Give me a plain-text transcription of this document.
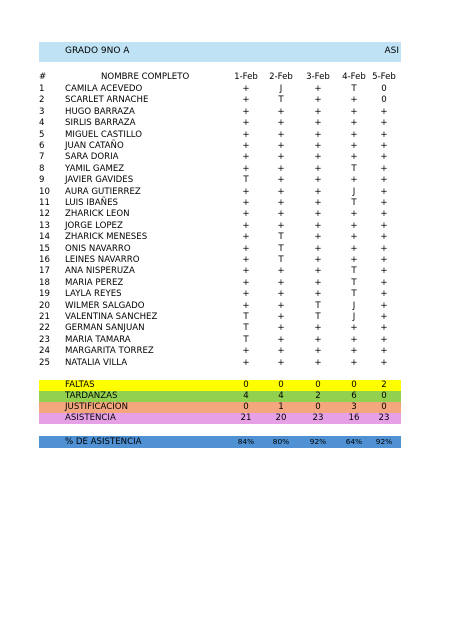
GRADO 9NO A	ASI
#	NOMBRE COMPLETO	1-Feb	2-Feb	3-Feb	4-Feb 5-Feb
1 CAMILA ACEVEDO	+	J	+	T	0
2 SCARLET ARNACHE	+	T	+	+	0
3 HUGO BARRAZA	+	+	+	+	+
4 SIRLIS BARRAZA	+	+	+	+	+
5 MIGUEL CASTILLO	+	+	+	+	+
6 JUAN CATAÑO	+	+	+	+	+
7 SARA DORIA	+	+	+	+	+
8 YAMIL GAMEZ	+	+	+	T	+
9 JAVIER GAVIDES	T	+	+	+	+
10 AURA GUTIERREZ	+	+	+	J	+
11 LUIS IBAÑES	+	+	+	T	+
12 ZHARICK LEON	+	+	+	+	+
13 JORGE LOPEZ	+	+	+	+	+
14 ZHARICK MENESES	+	T	+	+	+
15 ONIS NAVARRO	+	T	+	+	+
16 LEINES NAVARRO	+	T	+	+	+
17 ANA NISPERUZA	+	+	+	T	+
18 MARIA PEREZ	+	+	+	T	+
19 LAYLA REYES	+	+	+	T	+
20 WILMER SALGADO	+	+	T	J	+
21 VALENTINA SANCHEZ	T	+	T	J	+
22 GERMAN SANJUAN	T	+	+	+	+
23 MARIA TAMARA	T	+	+	+	+
24 MARGARITA TORREZ	+	+	+	+	+
25 NATALIA VILLA	+	+	+	+	+
FALTAS	0	0	0	0	2
TARDANZAS	4	4	2	6	0
JUSTIFICACION	0	1	0	3	0
ASISTENCIA	21	20	23	16	23
% DE ASISTENCIA	84%	80%	92%	64%	92%
